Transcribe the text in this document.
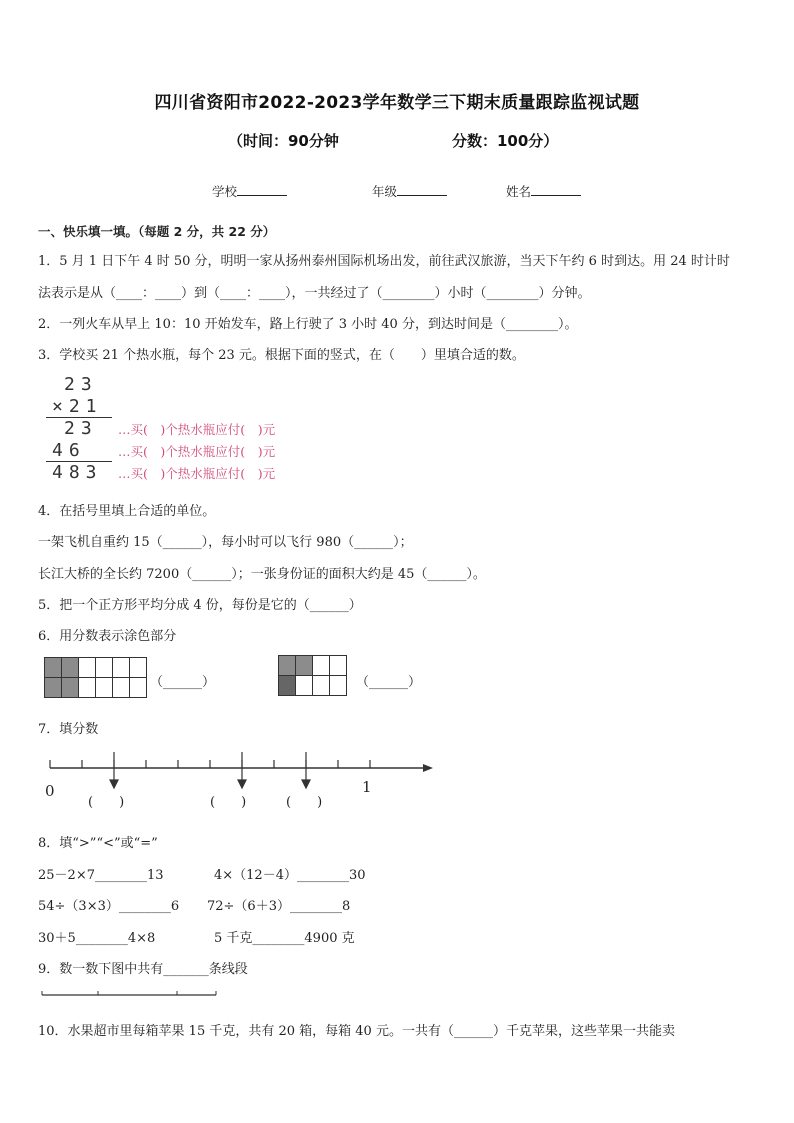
四川省资阳市2022-2023学年数学三下期末质量跟踪监视试题
（时间：90分钟	分数：100分）
学校	年级	姓名
一、快乐填一填。（每题 2 分，共 22 分）
1．5 月 1 日下午 4 时 50 分，明明一家从扬州泰州国际机场出发，前往武汉旅游，当天下午约 6 时到达。用 24 时计时
法表示是从（____：____）到（____：____），一共经过了（________）小时（________）分钟。
2．一列火车从早上 10：10 开始发车，路上行驶了 3 小时 40 分，到达时间是（________）。
3．学校买 21 个热水瓶，每个 23 元。根据下面的竖式，在（　　）里填合适的数。
23
×21
23
46
483
…买(　 )个热水瓶应付(　 )元
…买(　 )个热水瓶应付(　 )元
…买(　 )个热水瓶应付(　 )元
4．在括号里填上合适的单位。
一架飞机自重约 15（______），每小时可以飞行 980（______）；
长江大桥的全长约 7200（______）；一张身份证的面积大约是 45（______）。
5．把一个正方形平均分成 4 份，每份是它的（______）
6．用分数表示涂色部分

（______）

				（______）
7．填分数
0	1
(　　)	(　　)	(　　)
8．填“>”“<”或“=”
25－2×7________13	4×（12－4）________30
54÷（3×3）________6 72÷（6＋3）________8
30＋5________4×8	5 千克________4900 克
9．数一数下图中共有_______条线段
10．水果超市里每箱苹果 15 千克，共有 20 箱，每箱 40 元。一共有（______）千克苹果，这些苹果一共能卖
